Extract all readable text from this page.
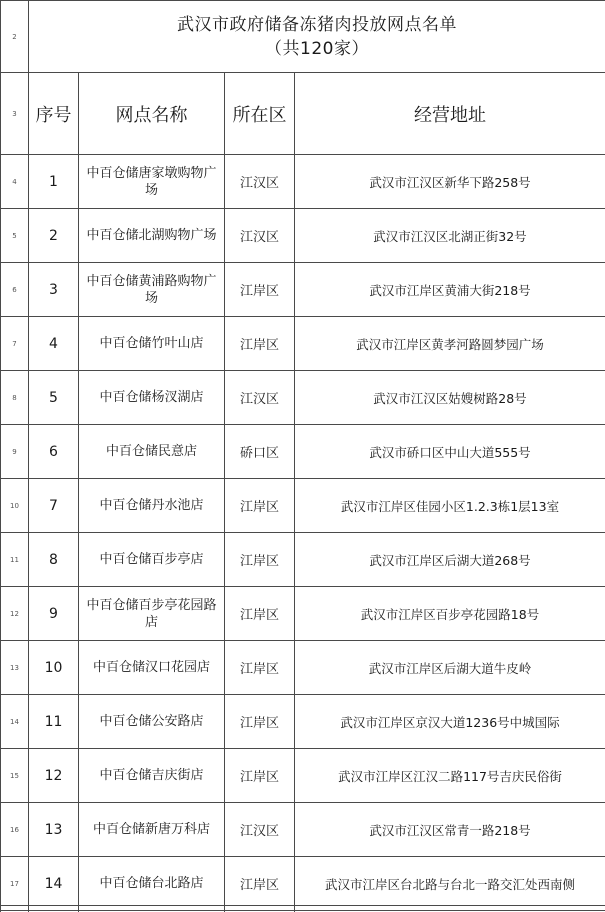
2	武汉市政府储备冻猪肉投放网点名单
（共120家）			

3	序号	网点名称	所在区	经营地址
4	1	中百仓储唐家墩购物广场	江汉区	武汉市江汉区新华下路258号
5	2	中百仓储北湖购物广场	江汉区	武汉市江汉区北湖正街32号
6	3	中百仓储黄浦路购物广场	江岸区	武汉市江岸区黄浦大街218号
7	4	中百仓储竹叶山店	江岸区	武汉市江岸区黄孝河路圆梦园广场
8	5	中百仓储杨汊湖店	江汉区	武汉市江汉区姑嫂树路28号
9	6	中百仓储民意店	硚口区	武汉市硚口区中山大道555号
10	7	中百仓储丹水池店	江岸区	武汉市江岸区佳园小区1.2.3栋1层13室
11	8	中百仓储百步亭店	江岸区	武汉市江岸区后湖大道268号
12	9	中百仓储百步亭花园路店	江岸区	武汉市江岸区百步亭花园路18号
13	10	中百仓储汉口花园店	江岸区	武汉市江岸区后湖大道牛皮岭
14	11	中百仓储公安路店	江岸区	武汉市江岸区京汉大道1236号中城国际
15	12	中百仓储吉庆街店	江岸区	武汉市江岸区江汉二路117号吉庆民俗街
16	13	中百仓储新唐万科店	江汉区	武汉市江汉区常青一路218号
17	14	中百仓储台北路店	江岸区	武汉市江岸区台北路与台北一路交汇处西南侧
